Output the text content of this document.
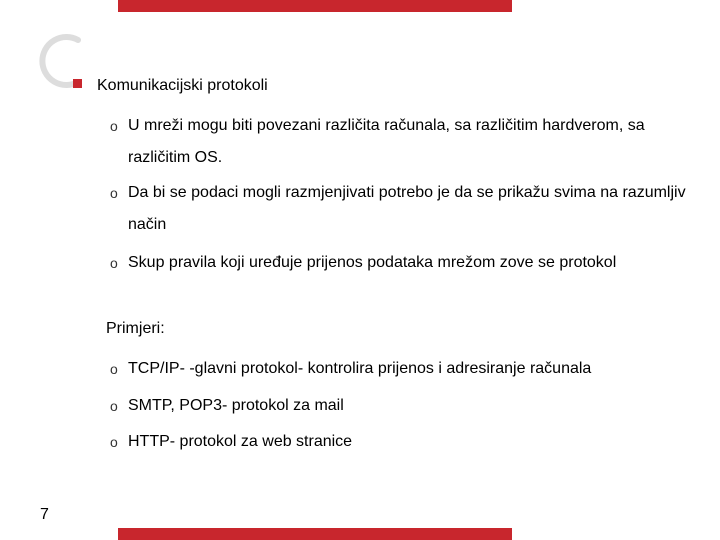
Komunikacijski protokoli
o U mreži mogu biti povezani različita računala, sa različitim hardverom, sa različitim OS.
o Da bi se podaci mogli razmjenjivati potrebo je da se prikažu svima na razumljiv način
o Skup pravila koji uređuje prijenos podataka mrežom zove se protokol
Primjeri:
o TCP/IP- -glavni protokol- kontrolira prijenos i adresiranje računala
o SMTP, POP3- protokol za mail
o HTTP- protokol za web stranice
7
